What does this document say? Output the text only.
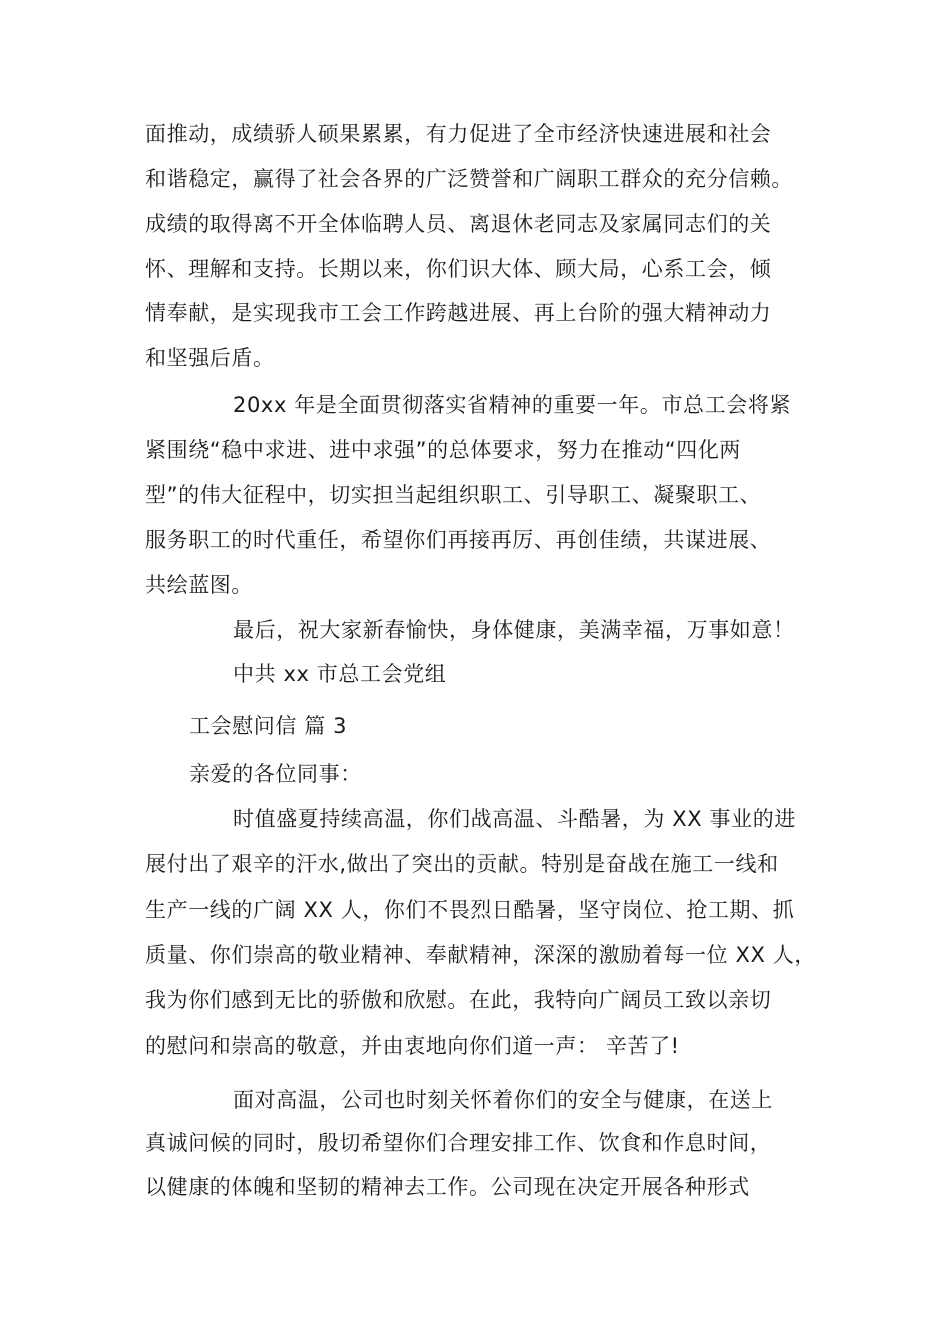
面推动，成绩骄人硕果累累，有力促进了全市经济快速进展和社会
和谐稳定，赢得了社会各界的广泛赞誉和广阔职工群众的充分信赖。
成绩的取得离不开全体临聘人员、离退休老同志及家属同志们的关
怀、理解和支持。长期以来，你们识大体、顾大局，心系工会，倾
情奉献，是实现我市工会工作跨越进展、再上台阶的强大精神动力
和坚强后盾。
20xx 年是全面贯彻落实省精神的重要一年。市总工会将紧
紧围绕“稳中求进、进中求强”的总体要求，努力在推动“四化两
型”的伟大征程中，切实担当起组织职工、引导职工、凝聚职工、
服务职工的时代重任，希望你们再接再厉、再创佳绩，共谋进展、
共绘蓝图。
最后，祝大家新春愉快，身体健康，美满幸福，万事如意！
中共 xx 市总工会党组
工会慰问信 篇 3
亲爱的各位同事：
时值盛夏持续高温，你们战高温、斗酷暑，为 XX 事业的进
展付出了艰辛的汗水,做出了突出的贡献。特别是奋战在施工一线和
生产一线的广阔 XX 人，你们不畏烈日酷暑，坚守岗位、抢工期、抓
质量、你们崇高的敬业精神、奉献精神，深深的激励着每一位 XX 人，
我为你们感到无比的骄傲和欣慰。在此，我特向广阔员工致以亲切
的慰问和崇高的敬意，并由衷地向你们道一声： 辛苦了!
面对高温，公司也时刻关怀着你们的安全与健康，在送上
真诚问候的同时，殷切希望你们合理安排工作、饮食和作息时间，
以健康的体魄和坚韧的精神去工作。公司现在决定开展各种形式
